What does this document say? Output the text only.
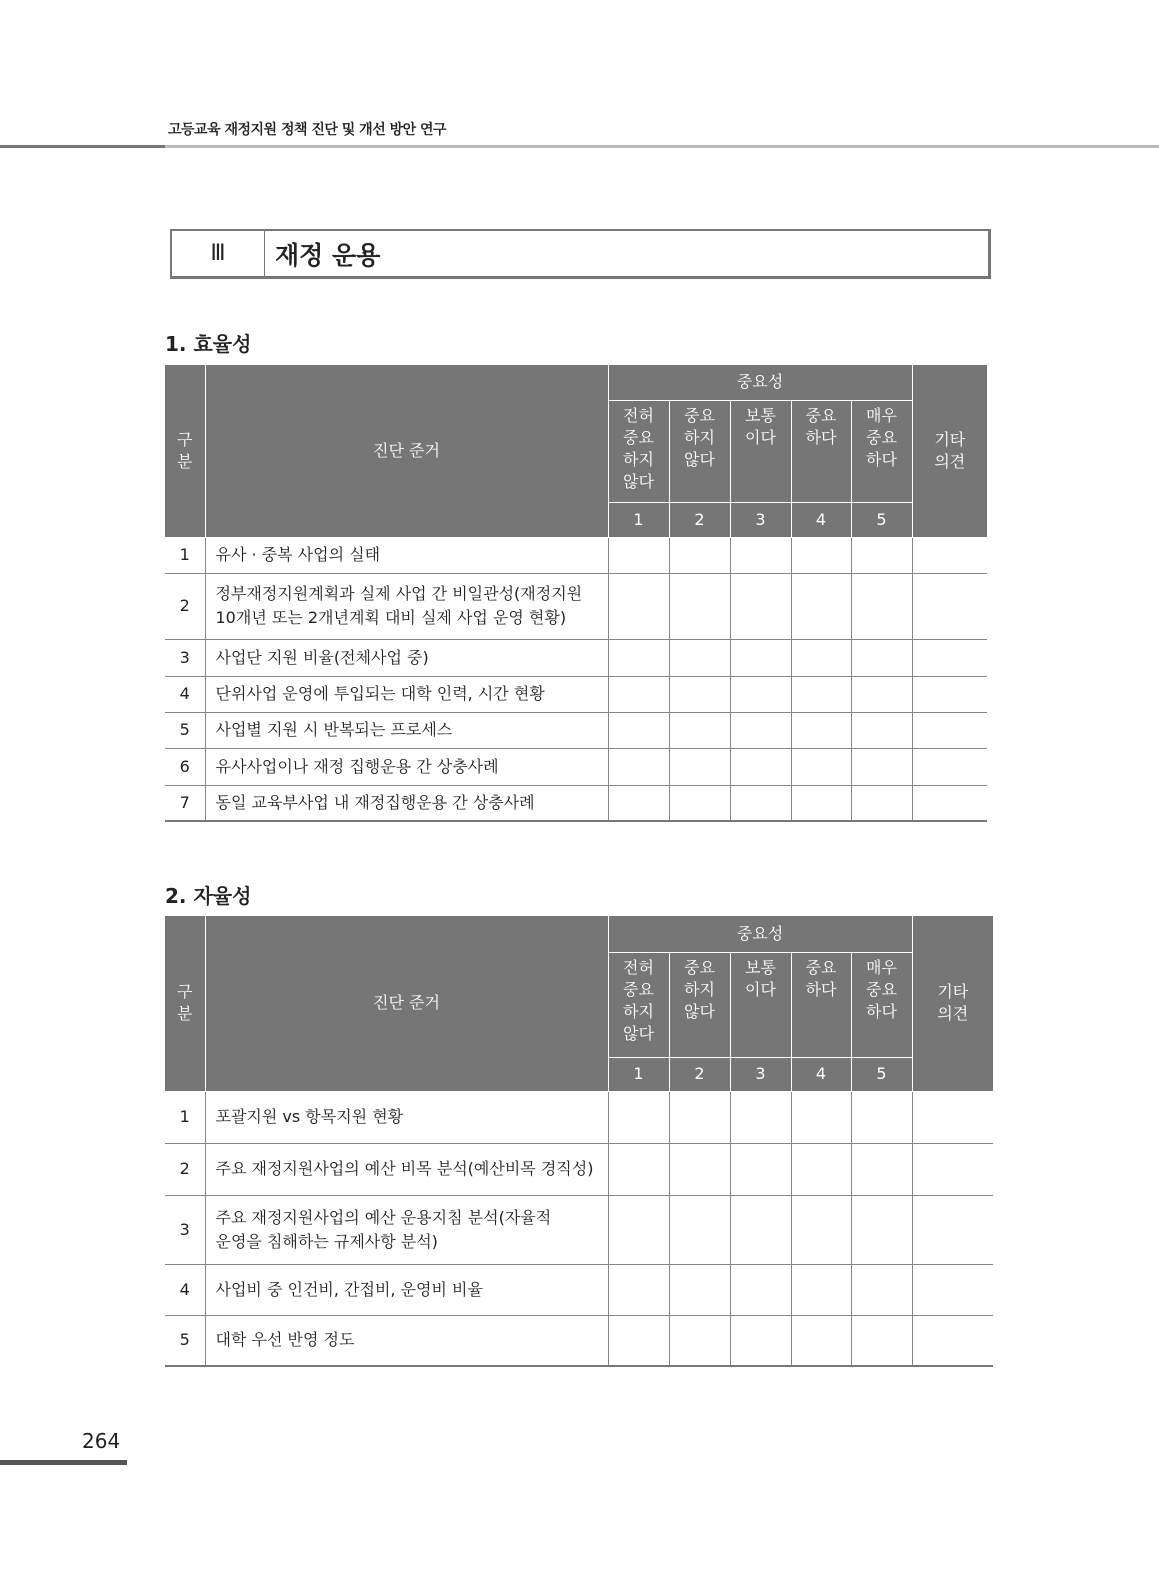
고등교육 재정지원 정책 진단 및 개선 방안 연구
Ⅲ	재정 운용
1. 효율성
구
분	진단 준거	중요성					기타
의견
		전허
중요
하지
않다	중요
하지
않다	보통
이다	중요
하다	매우
중요
하다	
		1	2	3	4	5	
1	유사 · 중복 사업의 실태						
2	정부재정지원계획과 실제 사업 간 비일관성(재정지원
10개년 또는 2개년계획 대비 실제 사업 운영 현황)						
3	사업단 지원 비율(전체사업 중)						
4	단위사업 운영에 투입되는 대학 인력, 시간 현황						
5	사업별 지원 시 반복되는 프로세스						
6	유사사업이나 재정 집행운용 간 상충사례						
7	동일 교육부사업 내 재정집행운용 간 상충사례						
2. 자율성
구
분	진단 준거	중요성					기타
의견
		전허
중요
하지
않다	중요
하지
않다	보통
이다	중요
하다	매우
중요
하다	
		1	2	3	4	5	
1	포괄지원 vs 항목지원 현황						
2	주요 재정지원사업의 예산 비목 분석(예산비목 경직성)						
3	주요 재정지원사업의 예산 운용지침 분석(자율적
운영을 침해하는 규제사항 분석)						
4	사업비 중 인건비, 간접비, 운영비 비율						
5	대학 우선 반영 정도						
264
